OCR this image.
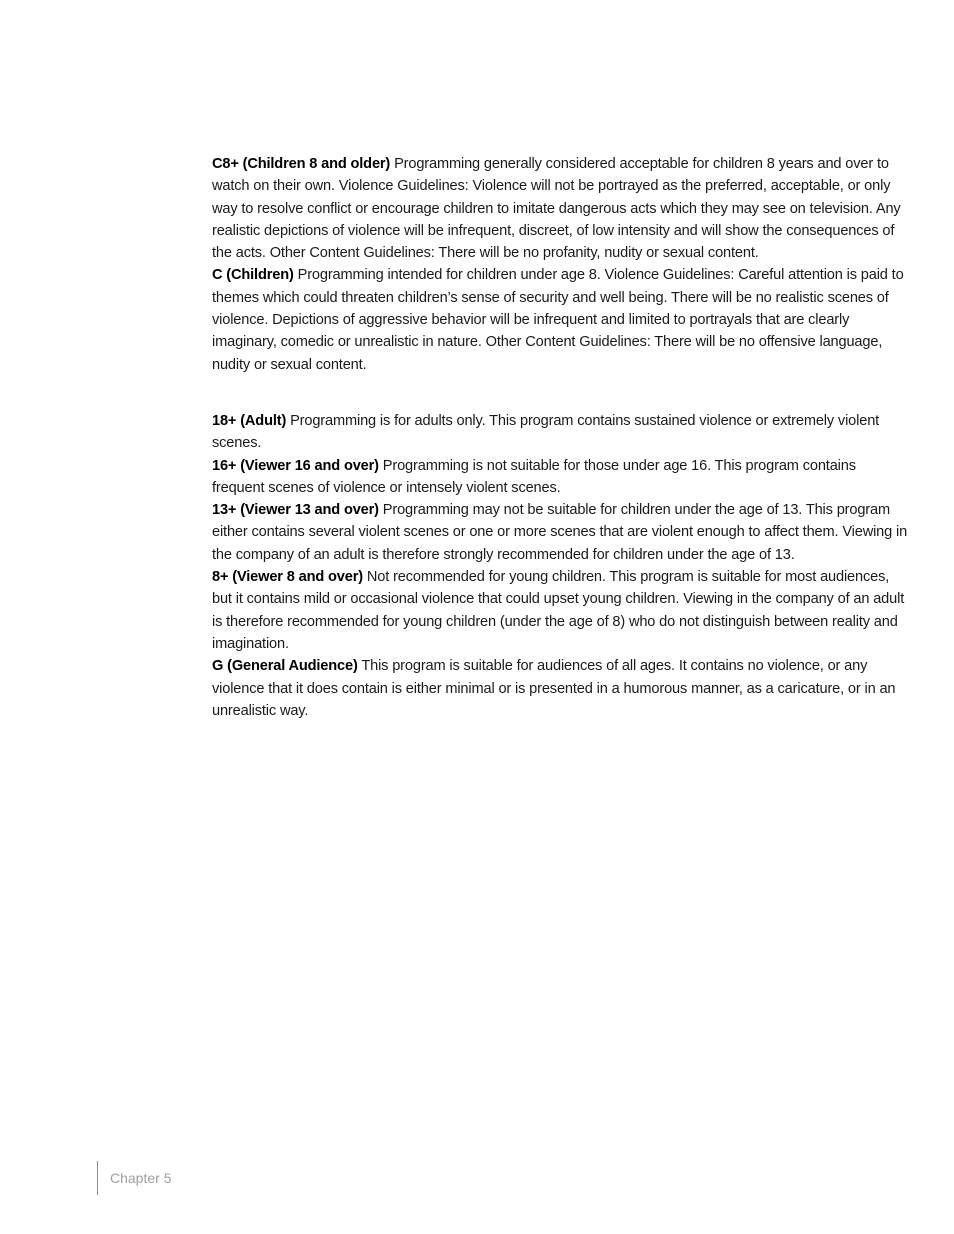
C8+ (Children 8 and older) Programming generally considered acceptable for children 8 years and over to watch on their own. Violence Guidelines: Violence will not be portrayed as the preferred, acceptable, or only way to resolve conflict or encourage children to imitate dangerous acts which they may see on television. Any realistic depictions of violence will be infrequent, discreet, of low intensity and will show the consequences of the acts. Other Content Guidelines: There will be no profanity, nudity or sexual content.

C (Children) Programming intended for children under age 8. Violence Guidelines: Careful attention is paid to themes which could threaten children’s sense of security and well being. There will be no realistic scenes of violence. Depictions of aggressive behavior will be infrequent and limited to portrayals that are clearly imaginary, comedic or unrealistic in nature. Other Content Guidelines: There will be no offensive language, nudity or sexual content.

18+ (Adult) Programming is for adults only. This program contains sustained violence or extremely violent scenes.

16+ (Viewer 16 and over) Programming is not suitable for those under age 16. This program contains frequent scenes of violence or intensely violent scenes.

13+ (Viewer 13 and over) Programming may not be suitable for children under the age of 13. This program either contains several violent scenes or one or more scenes that are violent enough to affect them. Viewing in the company of an adult is therefore strongly recommended for children under the age of 13.

8+ (Viewer 8 and over) Not recommended for young children. This program is suitable for most audiences, but it contains mild or occasional violence that could upset young children. Viewing in the company of an adult is therefore recommended for young children (under the age of 8) who do not distinguish between reality and imagination.

G (General Audience) This program is suitable for audiences of all ages. It contains no violence, or any violence that it does contain is either minimal or is presented in a humorous manner, as a caricature, or in an unrealistic way.

Chapter 5
